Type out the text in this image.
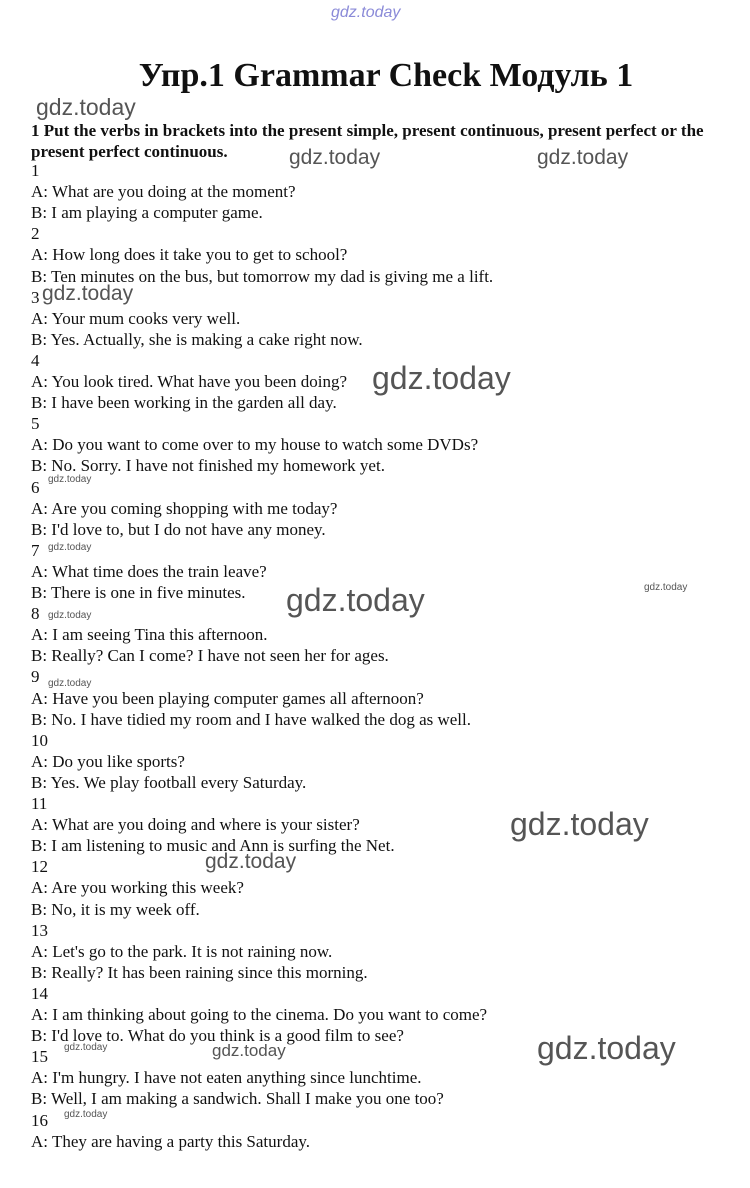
gdz.today
Упр.1 Grammar Check Модуль 1
1 Put the verbs in brackets into the present simple, present continuous, present perfect or the present perfect continuous.
1
A: What are you doing at the moment?
B: I am playing a computer game.
2
A: How long does it take you to get to school?
B: Ten minutes on the bus, but tomorrow my dad is giving me a lift.
3
A: Your mum cooks very well.
B: Yes. Actually, she is making a cake right now.
4
A: You look tired. What have you been doing?
B: I have been working in the garden all day.
5
A: Do you want to come over to my house to watch some DVDs?
B: No. Sorry. I have not finished my homework yet.
6
A: Are you coming shopping with me today?
B: I'd love to, but I do not have any money.
7
A: What time does the train leave?
B: There is one in five minutes.
8
A: I am seeing Tina this afternoon.
B: Really? Can I come? I have not seen her for ages.
9
A: Have you been playing computer games all afternoon?
B: No. I have tidied my room and I have walked the dog as well.
10
A: Do you like sports?
B: Yes. We play football every Saturday.
11
A: What are you doing and where is your sister?
B: I am listening to music and Ann is surfing the Net.
12
A: Are you working this week?
B: No, it is my week off.
13
A: Let's go to the park. It is not raining now.
B: Really? It has been raining since this morning.
14
A: I am thinking about going to the cinema. Do you want to come?
B: I'd love to. What do you think is a good film to see?
15
A: I'm hungry. I have not eaten anything since lunchtime.
B: Well, I am making a sandwich. Shall I make you one too?
16
A: They are having a party this Saturday.
gdz.today
gdz.today	gdz.today
gdz.today
gdz.today
gdz.today
gdz.today
gdz.today
gdz.today
gdz.today
gdz.today
gdz.today
gdz.today
gdz.today
gdz.today	gdz.today
gdz.today
